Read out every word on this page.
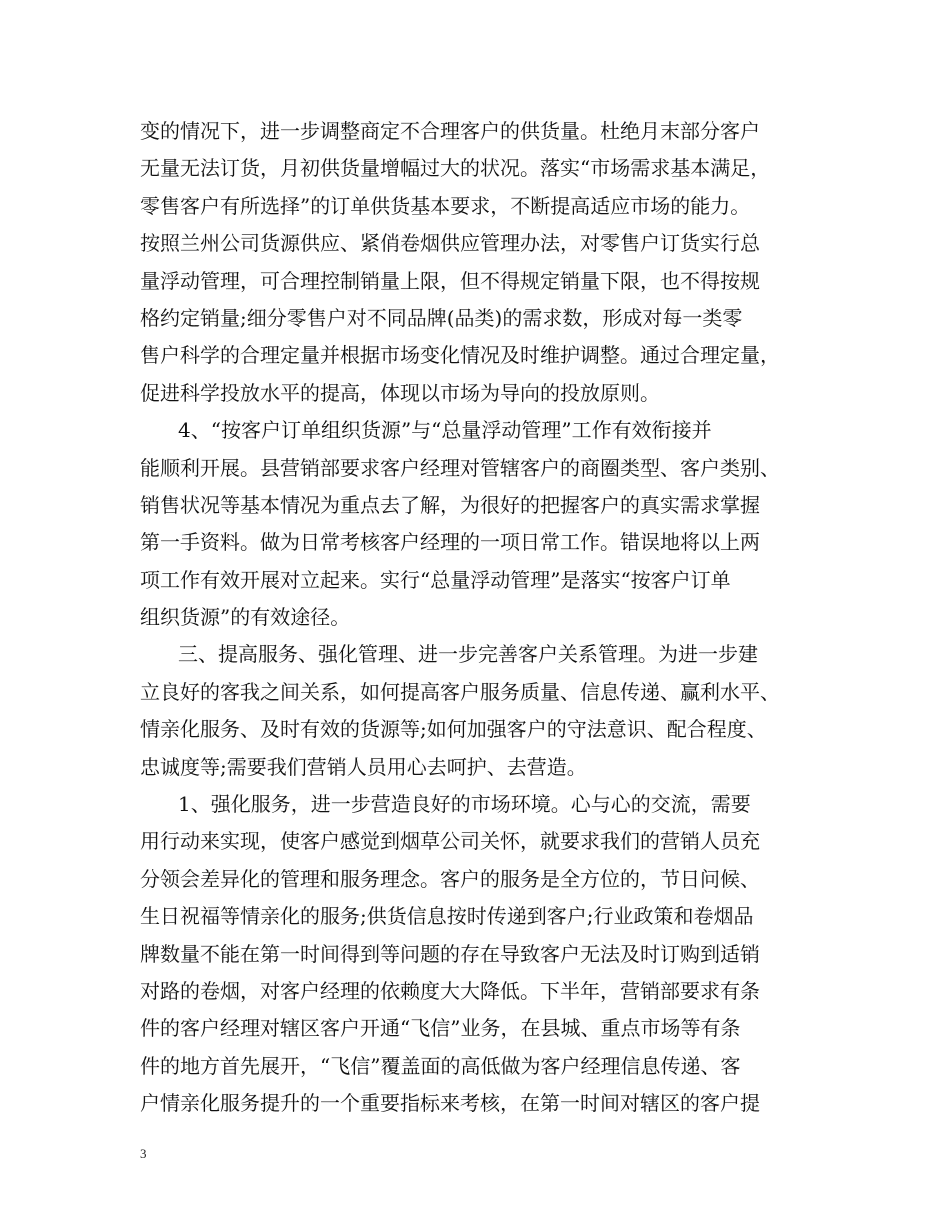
变的情况下，进一步调整商定不合理客户的供货量。杜绝月末部分客户
无量无法订货，月初供货量增幅过大的状况。落实“市场需求基本满足，
零售客户有所选择”的订单供货基本要求，不断提高适应市场的能力。
按照兰州公司货源供应、紧俏卷烟供应管理办法，对零售户订货实行总
量浮动管理，可合理控制销量上限，但不得规定销量下限，也不得按规
格约定销量;细分零售户对不同品牌(品类)的需求数，形成对每一类零
售户科学的合理定量并根据市场变化情况及时维护调整。通过合理定量，
促进科学投放水平的提高，体现以市场为导向的投放原则。
4、“按客户订单组织货源”与“总量浮动管理”工作有效衔接并
能顺利开展。县营销部要求客户经理对管辖客户的商圈类型、客户类别、
销售状况等基本情况为重点去了解，为很好的把握客户的真实需求掌握
第一手资料。做为日常考核客户经理的一项日常工作。错误地将以上两
项工作有效开展对立起来。实行“总量浮动管理”是落实“按客户订单
组织货源”的有效途径。
三、提高服务、强化管理、进一步完善客户关系管理。为进一步建
立良好的客我之间关系，如何提高客户服务质量、信息传递、赢利水平、
情亲化服务、及时有效的货源等;如何加强客户的守法意识、配合程度、
忠诚度等;需要我们营销人员用心去呵护、去营造。
1、强化服务，进一步营造良好的市场环境。心与心的交流，需要
用行动来实现，使客户感觉到烟草公司关怀，就要求我们的营销人员充
分领会差异化的管理和服务理念。客户的服务是全方位的，节日问候、
生日祝福等情亲化的服务;供货信息按时传递到客户;行业政策和卷烟品
牌数量不能在第一时间得到等问题的存在导致客户无法及时订购到适销
对路的卷烟，对客户经理的依赖度大大降低。下半年，营销部要求有条
件的客户经理对辖区客户开通“飞信”业务，在县城、重点市场等有条
件的地方首先展开，“飞信”覆盖面的高低做为客户经理信息传递、客
户情亲化服务提升的一个重要指标来考核，在第一时间对辖区的客户提
3
